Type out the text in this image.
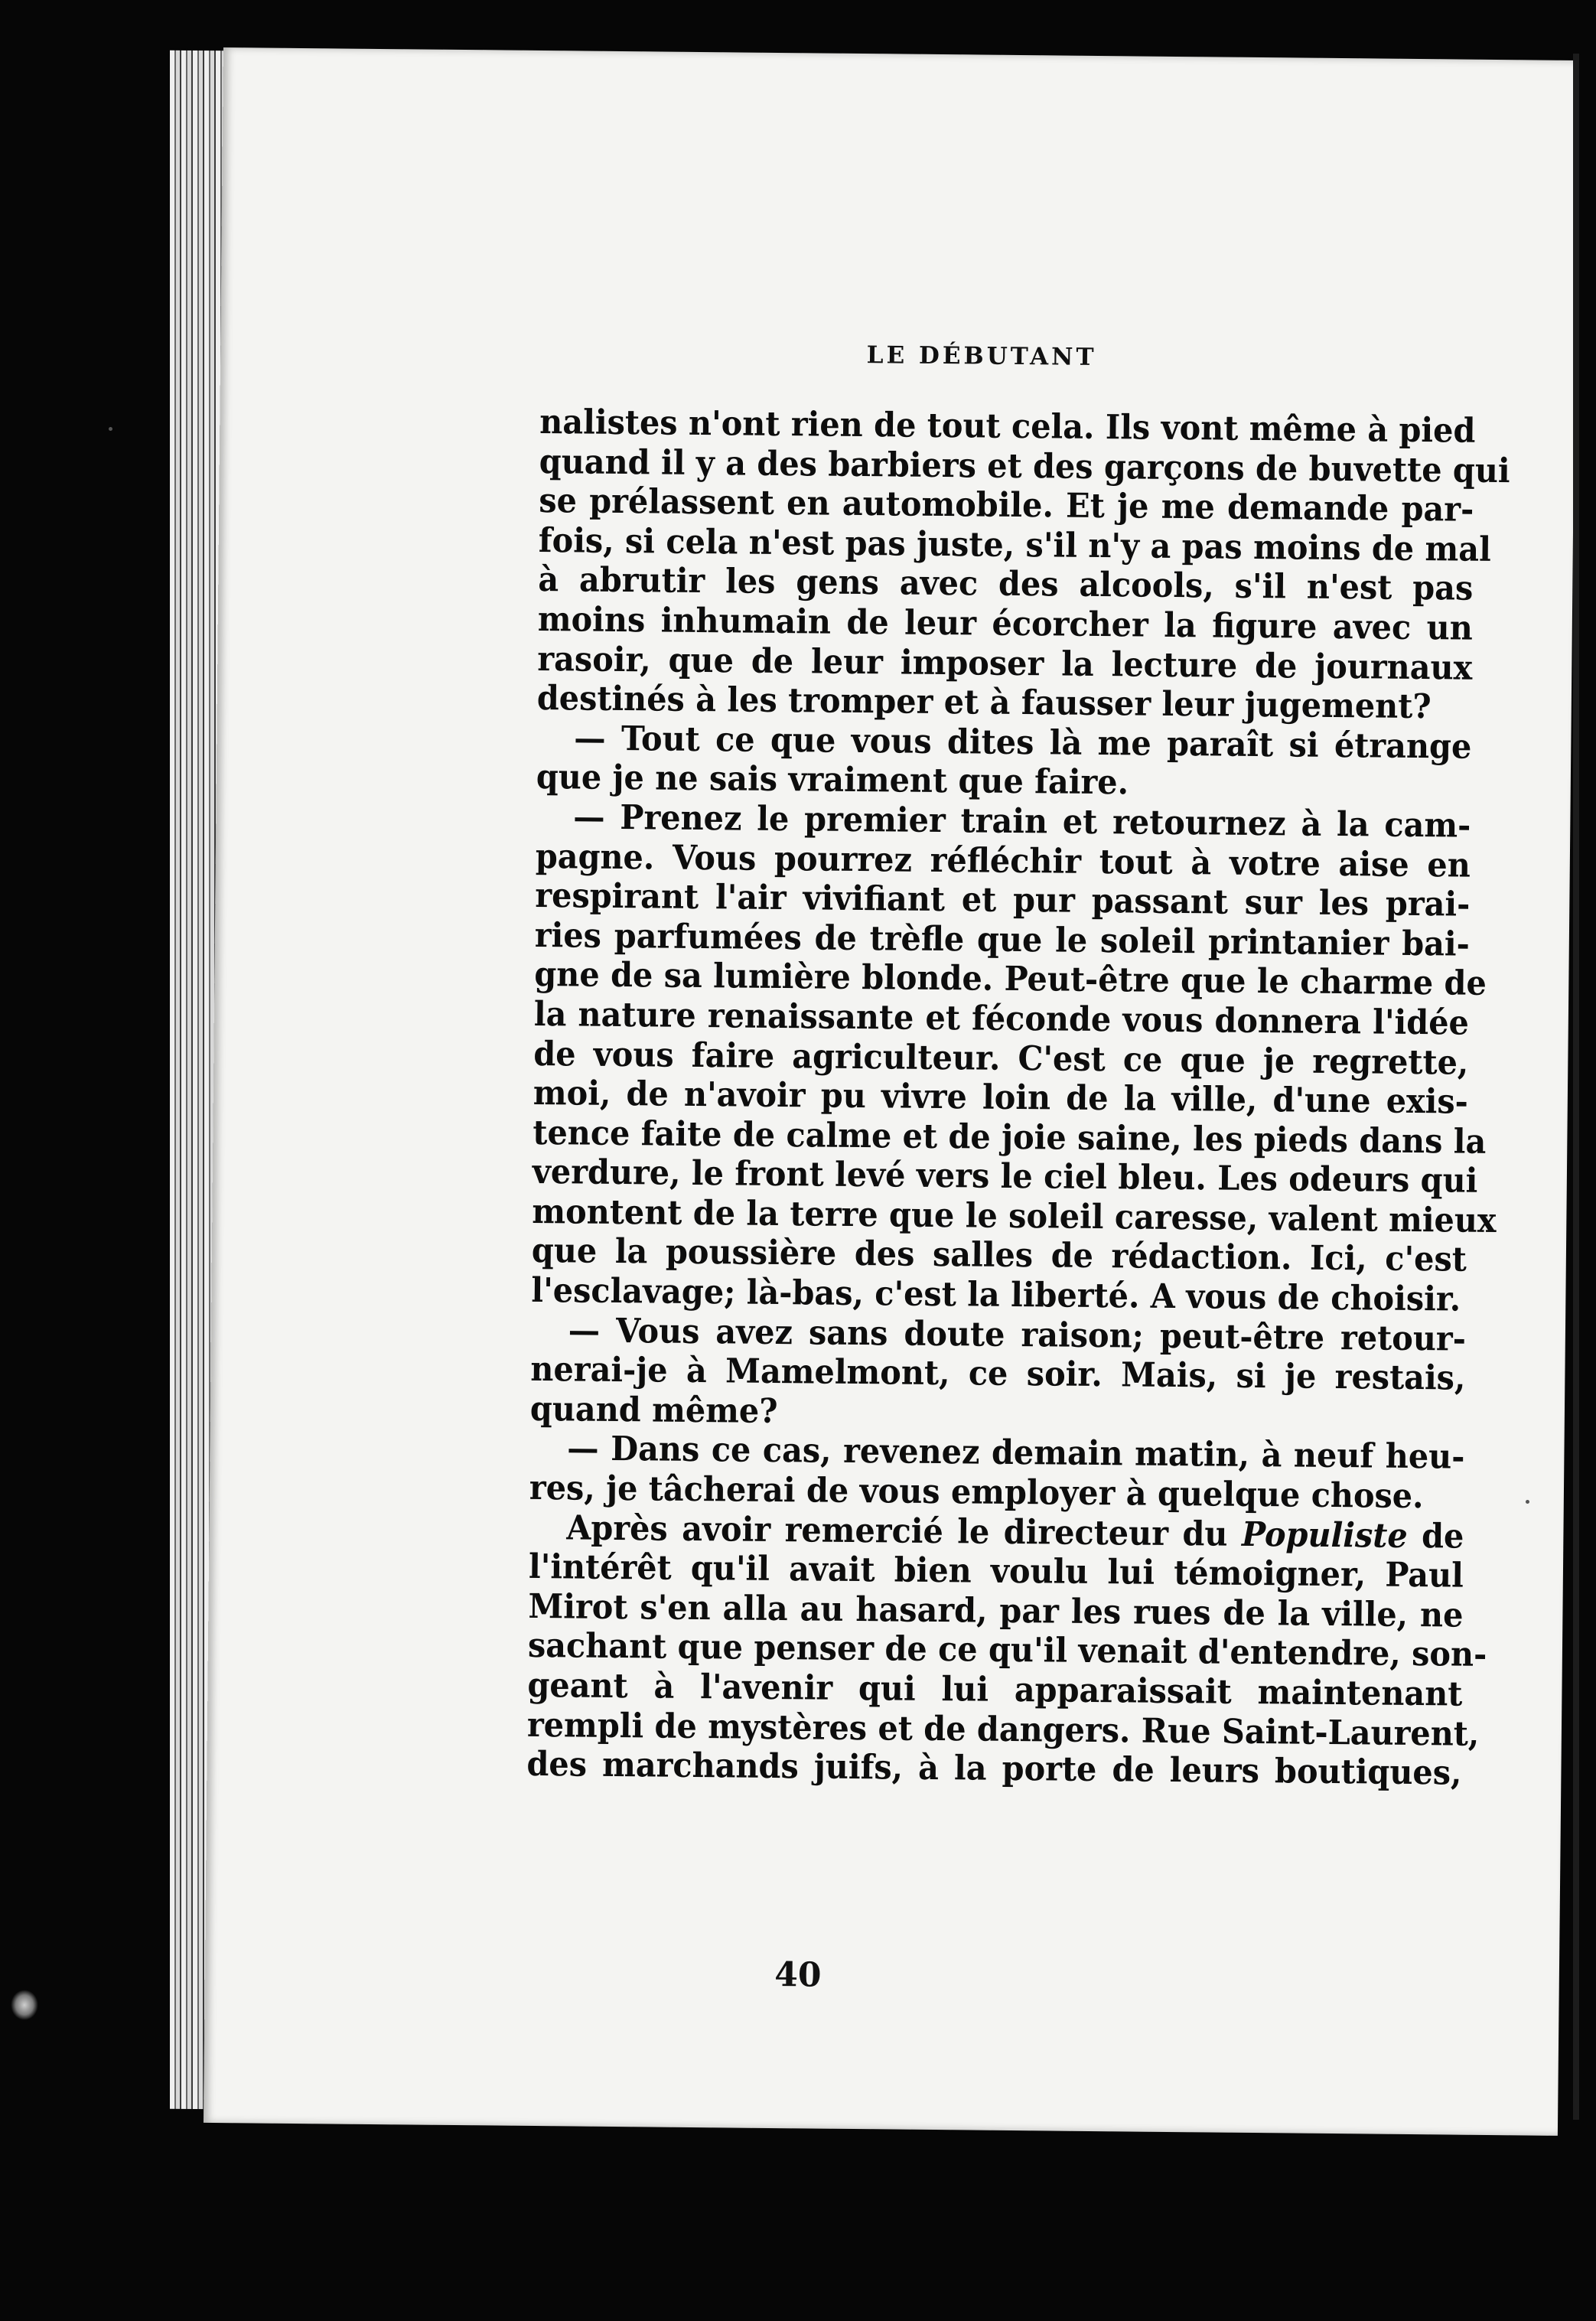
LE DÉBUTANT
nalistes n'ont rien de tout cela. Ils vont même à pied
quand il y a des barbiers et des garçons de buvette qui
se prélassent en automobile. Et je me demande par-
fois, si cela n'est pas juste, s'il n'y a pas moins de mal
à abrutir les gens avec des alcools, s'il n'est pas
moins inhumain de leur écorcher la figure avec un
rasoir, que de leur imposer la lecture de journaux
destinés à les tromper et à fausser leur jugement?
— Tout ce que vous dites là me paraît si étrange
que je ne sais vraiment que faire.
— Prenez le premier train et retournez à la cam-
pagne. Vous pourrez réfléchir tout à votre aise en
respirant l'air vivifiant et pur passant sur les prai-
ries parfumées de trèfle que le soleil printanier bai-
gne de sa lumière blonde. Peut-être que le charme de
la nature renaissante et féconde vous donnera l'idée
de vous faire agriculteur. C'est ce que je regrette,
moi, de n'avoir pu vivre loin de la ville, d'une exis-
tence faite de calme et de joie saine, les pieds dans la
verdure, le front levé vers le ciel bleu. Les odeurs qui
montent de la terre que le soleil caresse, valent mieux
que la poussière des salles de rédaction. Ici, c'est
l'esclavage; là-bas, c'est la liberté. A vous de choisir.
— Vous avez sans doute raison; peut-être retour-
nerai-je à Mamelmont, ce soir. Mais, si je restais,
quand même?
— Dans ce cas, revenez demain matin, à neuf heu-
res, je tâcherai de vous employer à quelque chose.
Après avoir remercié le directeur du Populiste de
l'intérêt qu'il avait bien voulu lui témoigner, Paul
Mirot s'en alla au hasard, par les rues de la ville, ne
sachant que penser de ce qu'il venait d'entendre, son-
geant à l'avenir qui lui apparaissait maintenant
rempli de mystères et de dangers. Rue Saint-Laurent,
des marchands juifs, à la porte de leurs boutiques,
40
